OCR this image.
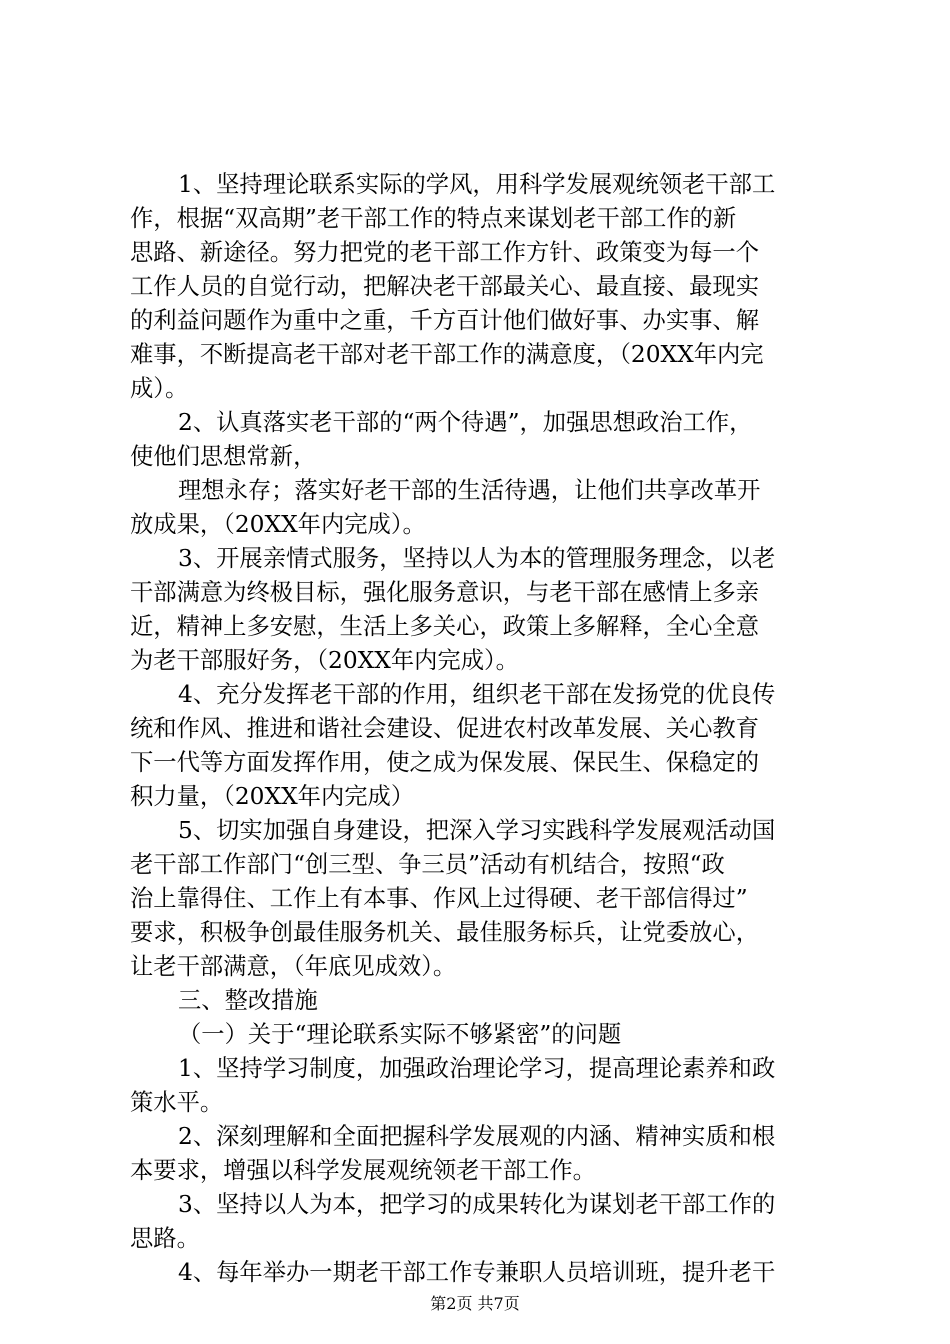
1、坚持理论联系实际的学风，用科学发展观统领老干部工
作，根据“双高期”老干部工作的特点来谋划老干部工作的新
思路、新途径。努力把党的老干部工作方针、政策变为每一个
工作人员的自觉行动，把解决老干部最关心、最直接、最现实
的利益问题作为重中之重，千方百计他们做好事、办实事、解
难事，不断提高老干部对老干部工作的满意度，（20XX年内完
成）。
2、认真落实老干部的“两个待遇”，加强思想政治工作，
使他们思想常新，
理想永存；落实好老干部的生活待遇，让他们共享改革开
放成果，（20XX年内完成）。
3、开展亲情式服务，坚持以人为本的管理服务理念，以老
干部满意为终极目标，强化服务意识，与老干部在感情上多亲
近，精神上多安慰，生活上多关心，政策上多解释，全心全意
为老干部服好务，（20XX年内完成）。
4、充分发挥老干部的作用，组织老干部在发扬党的优良传
统和作风、推进和谐社会建设、促进农村改革发展、关心教育
下一代等方面发挥作用，使之成为保发展、保民生、保稳定的
积力量，（20XX年内完成）
5、切实加强自身建设，把深入学习实践科学发展观活动国
老干部工作部门“创三型、争三员”活动有机结合，按照“政
治上靠得住、工作上有本事、作风上过得硬、老干部信得过”
要求，积极争创最佳服务机关、最佳服务标兵，让党委放心，
让老干部满意，（年底见成效）。
三、整改措施
（一）关于“理论联系实际不够紧密”的问题
1、坚持学习制度，加强政治理论学习，提高理论素养和政
策水平。
2、深刻理解和全面把握科学发展观的内涵、精神实质和根
本要求，增强以科学发展观统领老干部工作。
3、坚持以人为本，把学习的成果转化为谋划老干部工作的
思路。
4、每年举办一期老干部工作专兼职人员培训班，提升老干
第2页 共7页
